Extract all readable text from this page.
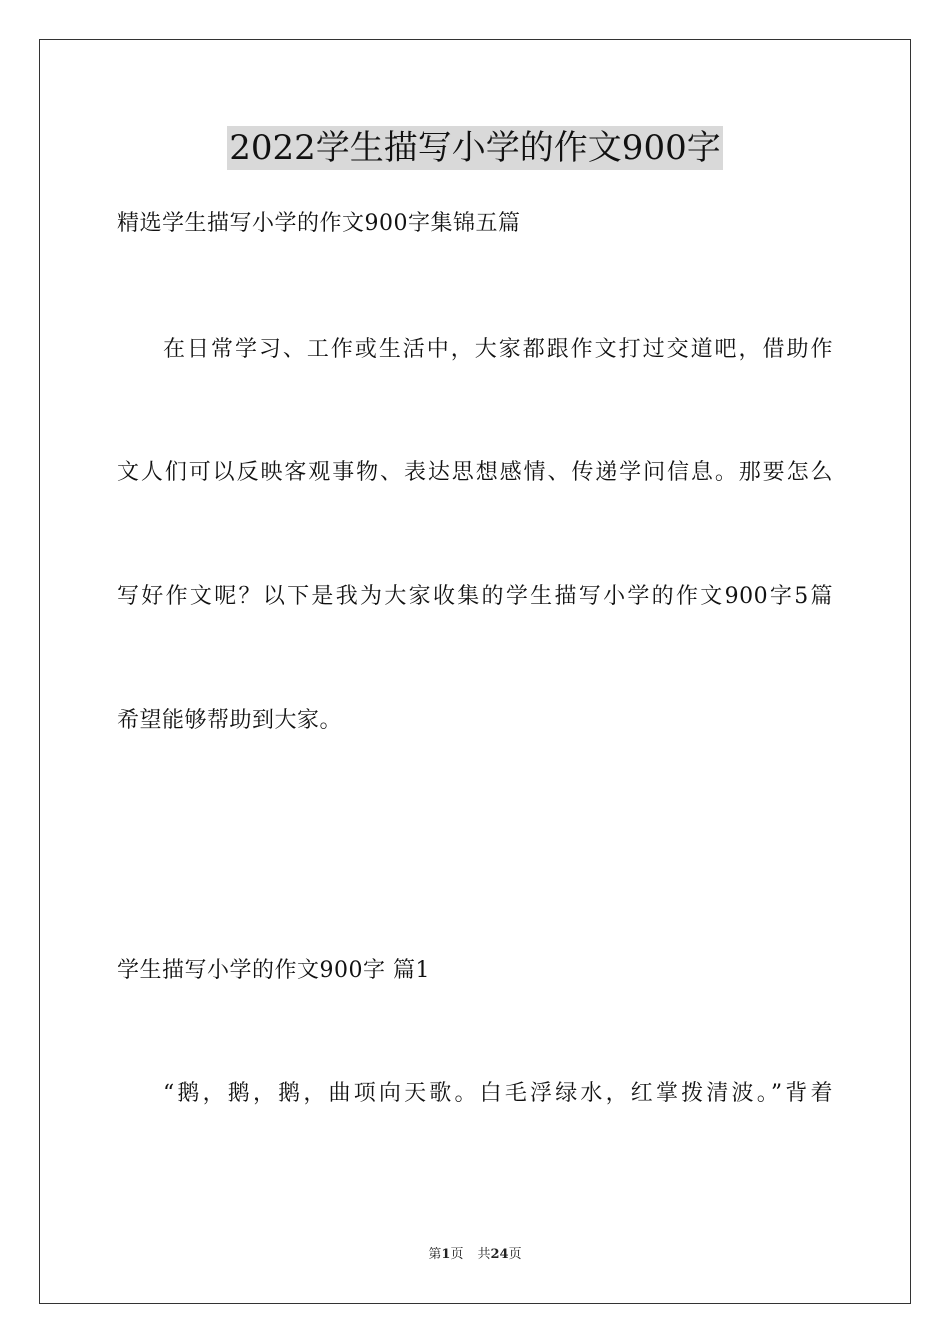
2022学生描写小学的作文900字
精选学生描写小学的作文900字集锦五篇
在日常学习、工作或生活中，大家都跟作文打过交道吧，借助作
文人们可以反映客观事物、表达思想感情、传递学问信息。那要怎么
写好作文呢？以下是我为大家收集的学生描写小学的作文900字5篇
希望能够帮助到大家。
学生描写小学的作文900字 篇1
“鹅，鹅，鹅，曲项向天歌。白毛浮绿水，红掌拨清波。”背着
第1页 共24页
